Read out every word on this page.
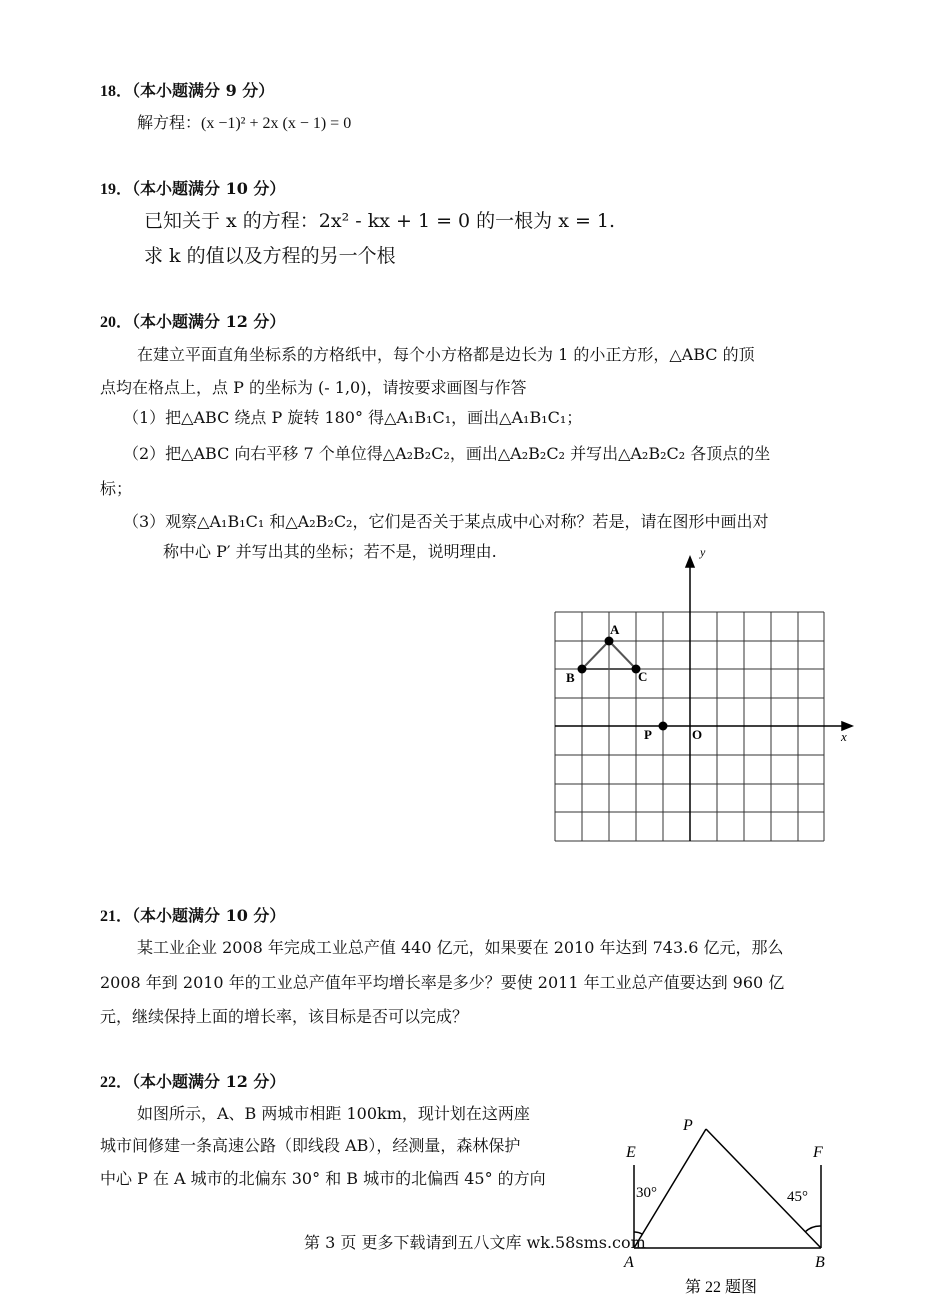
18．（本小题满分 9 分）
解方程：(x −1)² + 2x (x − 1) = 0
19．（本小题满分 10 分）
已知关于 x 的方程：2x² - kx + 1 = 0 的一根为 x = 1.
求 k 的值以及方程的另一个根
20．（本小题满分 12 分）
在建立平面直角坐标系的方格纸中，每个小方格都是边长为 1 的小正方形，△ABC 的顶
点均在格点上，点 P 的坐标为 (- 1,0)，请按要求画图与作答
（1）把△ABC 绕点 P 旋转 180° 得△A₁B₁C₁，画出△A₁B₁C₁；
（2）把△ABC 向右平移 7 个单位得△A₂B₂C₂，画出△A₂B₂C₂ 并写出△A₂B₂C₂ 各顶点的坐
标；
（3）观察△A₁B₁C₁ 和△A₂B₂C₂，它们是否关于某点成中心对称？若是，请在图形中画出对
称中心 P′ 并写出其的坐标；若不是，说明理由.
A
B	C
P	O	x
y
21．（本小题满分 10 分）
某工业企业 2008 年完成工业总产值 440 亿元，如果要在 2010 年达到 743.6 亿元，那么
2008 年到 2010 年的工业总产值年平均增长率是多少？要使 2011 年工业总产值要达到 960 亿
元，继续保持上面的增长率，该目标是否可以完成？
22．（本小题满分 12 分）
如图所示，A、B 两城市相距 100km，现计划在这两座
城市间修建一条高速公路（即线段 AB），经测量，森林保护
中心 P 在 A 城市的北偏东 30° 和 B 城市的北偏西 45° 的方向
P
E	F
A	B
30°	45°
第 22 题图
第 3 页 更多下载请到五八文库 wk.58sms.com
